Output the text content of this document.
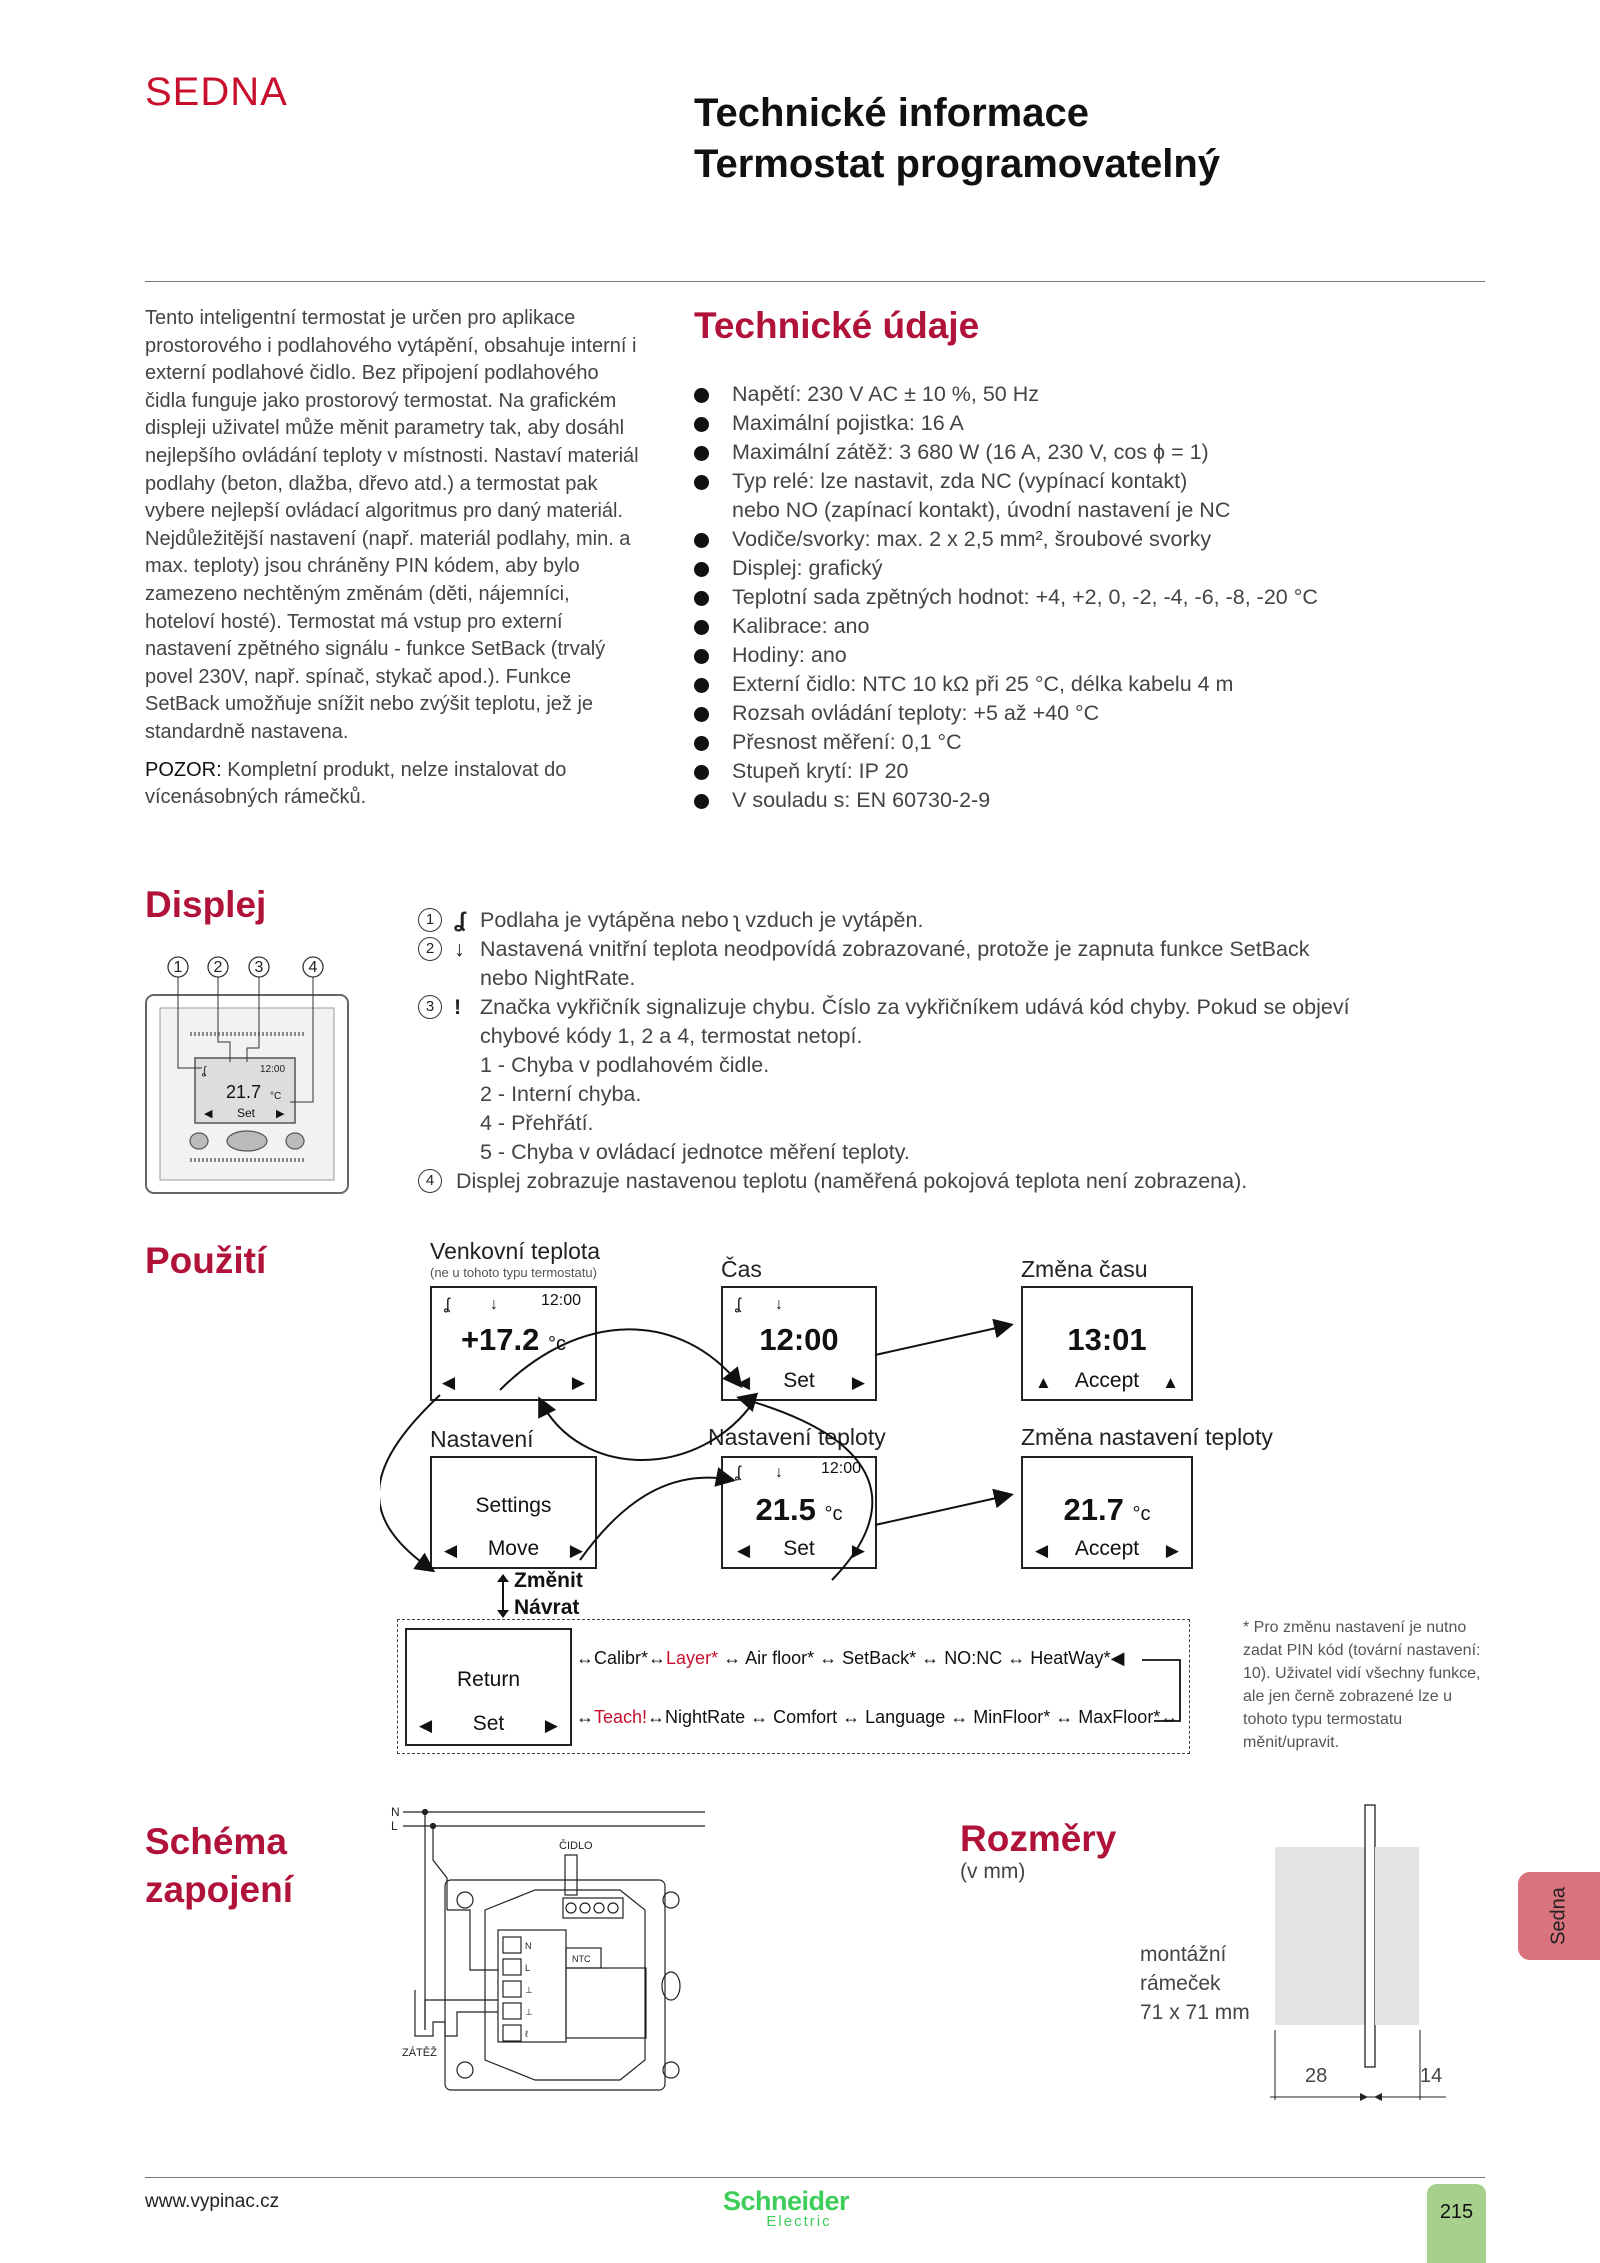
SEDNA	Technické informace
Termostat programovatelný

Tento inteligentní termostat je určen pro aplikace prostorového i podlahového vytápění, obsahuje interní i externí podlahové čidlo. Bez připojení podlahového čidla funguje jako prostorový termostat. Na grafickém displeji uživatel může měnit parametry tak, aby dosáhl nejlepšího ovládání teploty v místnosti. Nastaví materiál podlahy (beton, dlažba, dřevo atd.) a termostat pak vybere nejlepší ovládací algoritmus pro daný materiál. Nejdůležitější nastavení (např. materiál podlahy, min. a max. teploty) jsou chráněny PIN kódem, aby bylo zamezeno nechtěným změnám (děti, nájemníci, hoteloví hosté). Termostat má vstup pro externí nastavení zpětného signálu - funkce SetBack (trvalý povel 230V, např. spínač, stykač apod.). Funkce SetBack umožňuje snížit nebo zvýšit teplotu, jež je standardně nastavena.

POZOR: Kompletní produkt, nelze instalovat do vícenásobných rámečků.

Technické údaje
Napětí: 230 V AC ± 10 %, 50 Hz
Maximální pojistka: 16 A
Maximální zátěž: 3 680 W (16 A, 230 V, cos ϕ = 1)
Typ relé: lze nastavit, zda NC (vypínací kontakt)
nebo NO (zapínací kontakt), úvodní nastavení je NC
Vodiče/svorky: max. 2 x 2,5 mm², šroubové svorky
Displej: grafický
Teplotní sada zpětných hodnot: +4, +2, 0, -2, -4, -6, -8, -20 °C
Kalibrace: ano
Hodiny: ano
Externí čidlo: NTC 10 kΩ při 25 °C, délka kabelu 4 m
Rozsah ovládání teploty: +5 až +40 °C
Přesnost měření: 0,1 °C
Stupeň krytí: IP 20
V souladu s: EN 60730-2-9
Displej
1 2 3	4
ʆ	12:00
21.7 °C
◀ Set ▶
1 ʆ Podlaha je vytápěna nebo ʅ vzduch je vytápěn.
2 ↓ Nastavená vnitřní teplota neodpovídá zobrazované, protože je zapnuta funkce SetBack
nebo NightRate.
3 ! Značka vykřičník signalizuje chybu. Číslo za vykřičníkem udává kód chyby. Pokud se objeví
chybové kódy 1, 2 a 4, termostat netopí.
1 - Chyba v podlahovém čidle.
2 - Interní chyba.
4 - Přehřátí.
5 - Chyba v ovládací jednotce měření teploty.
4	Displej zobrazuje nastavenou teplotu (naměřená pokojová teplota není zobrazena).
Použití	Venkovní teplota
(ne u tohoto typu termostatu)
ʆ	↓	12:00
+17.2 °c
◀	▶
Čas
ʆ ↓
12:00
◀	Set	▶
Změna času
13:01
▲	Accept	▲
Nastavení
Settings
◀	Move	▶
Nastavení teploty
ʆ ↓ 12:00
21.5 °c
◀	Set	▶
Změna nastavení teploty
21.7 °c
◀	Accept	▶
Změnit
Návrat
Return
◀	Set	▶
↔Calibr*↔Layer* ↔ Air floor* ↔ SetBack* ↔ NO:NC ↔ HeatWay*◀
↔Teach!↔NightRate ↔ Comfort ↔ Language ↔ MinFloor* ↔ MaxFloor*↔
* Pro změnu nastavení je nutno zadat PIN kód (tovární nastavení: 10). Uživatel vidí všechny funkce, ale jen černě zobrazené lze u tohoto typu termostatu měnit/upravit.
Schéma
zapojení
N
L
ČIDLO
ZÁTĚŽ
N
L
⊥
⊥
ℓ
NTC
Rozměry
(v mm)
montážní
rámeček
71 x 71 mm
28	14
Sedna
www.vypinac.cz	Schneider
Electric	215
